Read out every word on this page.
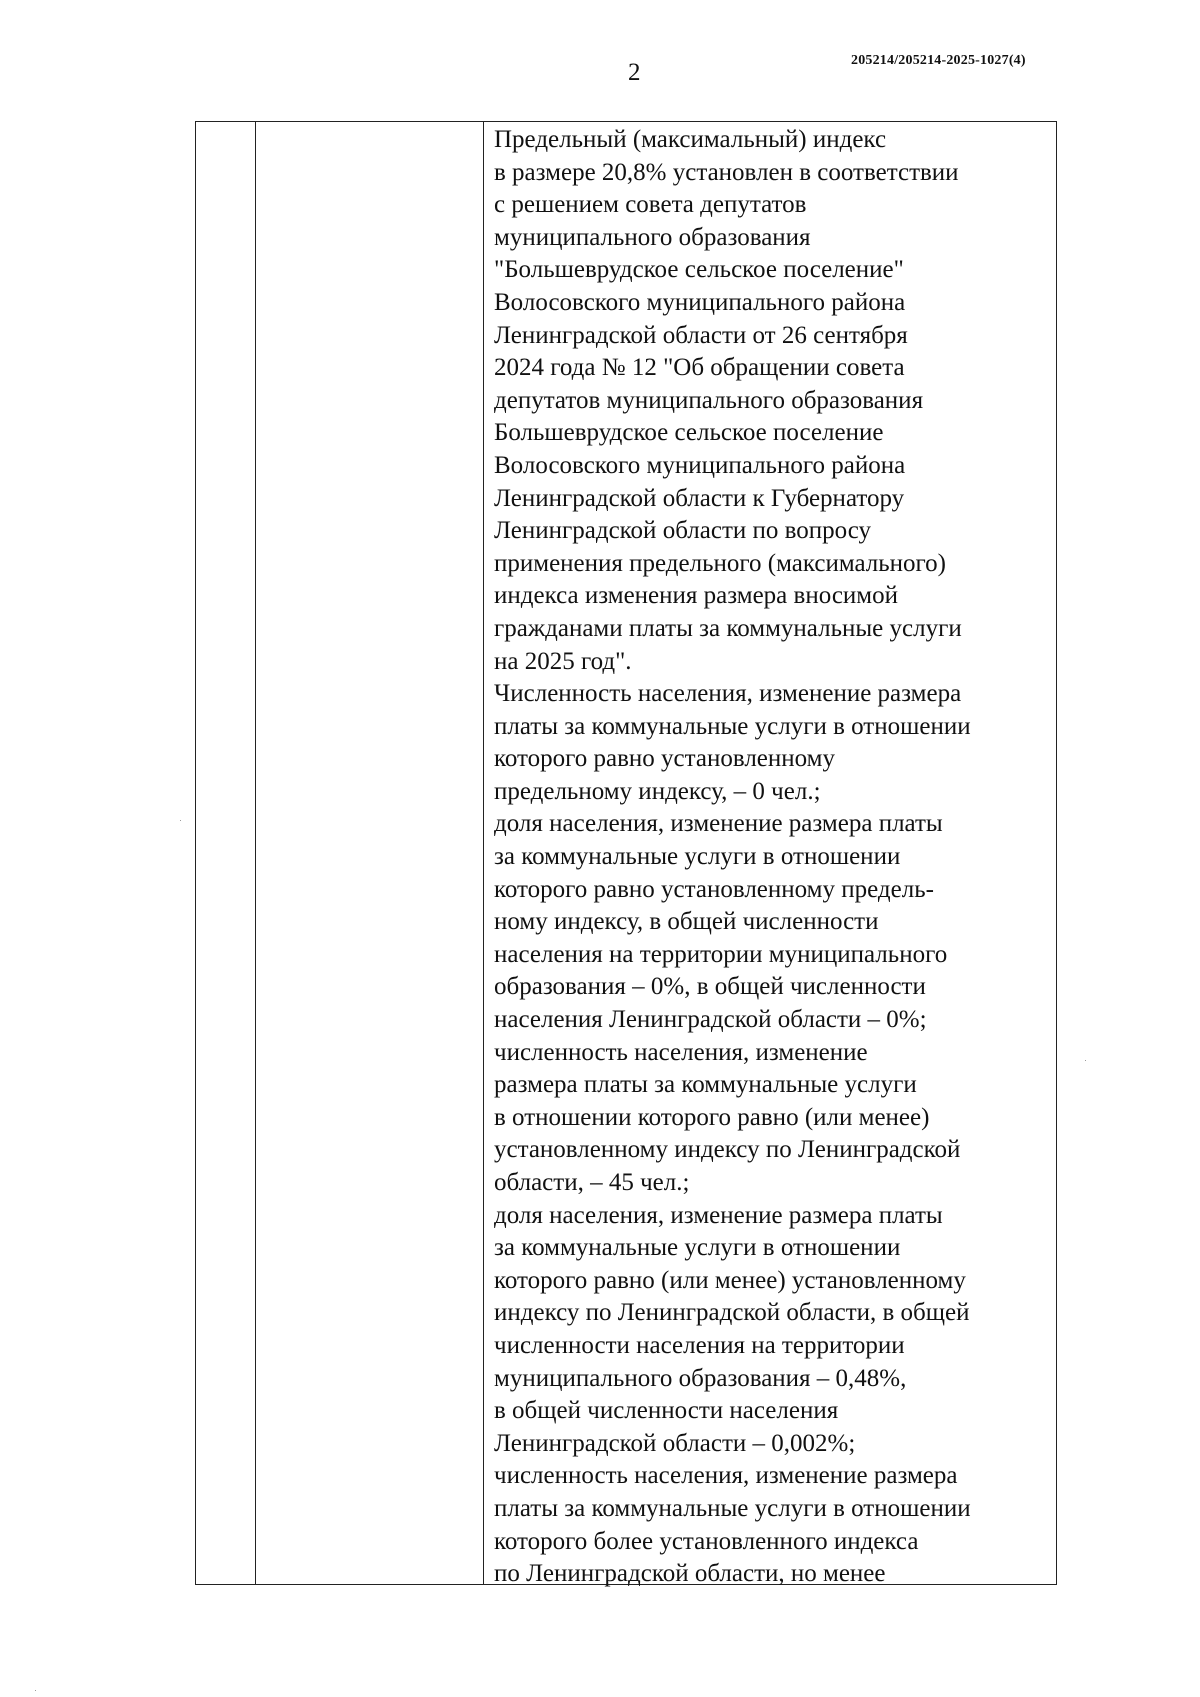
2	205214/205214-2025-1027(4)
Предельный (максимальный) индекс
в размере 20,8% установлен в соответствии
с решением совета депутатов
муниципального образования
"Большеврудское сельское поселение"
Волосовского муниципального района
Ленинградской области от 26 сентября
2024 года № 12 "Об обращении совета
депутатов муниципального образования
Большеврудское сельское поселение
Волосовского муниципального района
Ленинградской области к Губернатору
Ленинградской области по вопросу
применения предельного (максимального)
индекса изменения размера вносимой
гражданами платы за коммунальные услуги
на 2025 год".
Численность населения, изменение размера
платы за коммунальные услуги в отношении
которого равно установленному
предельному индексу, – 0 чел.;
доля населения, изменение размера платы
за коммунальные услуги в отношении
которого равно установленному предель-
ному индексу, в общей численности
населения на территории муниципального
образования – 0%, в общей численности
населения Ленинградской области – 0%;
численность населения, изменение
размера платы за коммунальные услуги
в отношении которого равно (или менее)
установленному индексу по Ленинградской
области, – 45 чел.;
доля населения, изменение размера платы
за коммунальные услуги в отношении
которого равно (или менее) установленному
индексу по Ленинградской области, в общей
численности населения на территории
муниципального образования – 0,48%,
в общей численности населения
Ленинградской области – 0,002%;
численность населения, изменение размера
платы за коммунальные услуги в отношении
которого более установленного индекса
по Ленинградской области, но менее
